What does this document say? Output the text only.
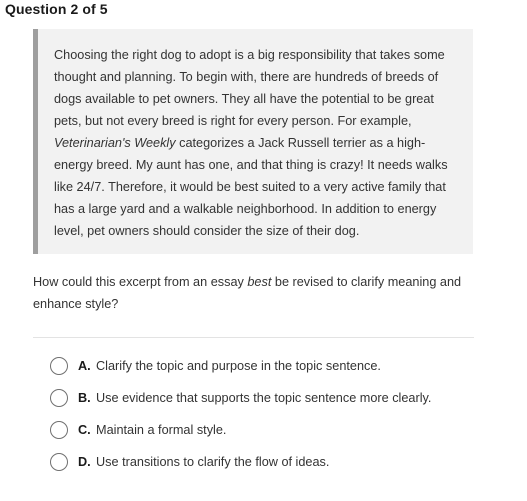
Question 2 of 5

Choosing the right dog to adopt is a big responsibility that takes some thought and planning. To begin with, there are hundreds of breeds of dogs available to pet owners. They all have the potential to be great pets, but not every breed is right for every person. For example, Veterinarian's Weekly categorizes a Jack Russell terrier as a high-energy breed. My aunt has one, and that thing is crazy! It needs walks like 24/7. Therefore, it would be best suited to a very active family that has a large yard and a walkable neighborhood. In addition to energy level, pet owners should consider the size of their dog.

How could this excerpt from an essay best be revised to clarify meaning and enhance style?

A. Clarify the topic and purpose in the topic sentence.
B. Use evidence that supports the topic sentence more clearly.
C. Maintain a formal style.
D. Use transitions to clarify the flow of ideas.
